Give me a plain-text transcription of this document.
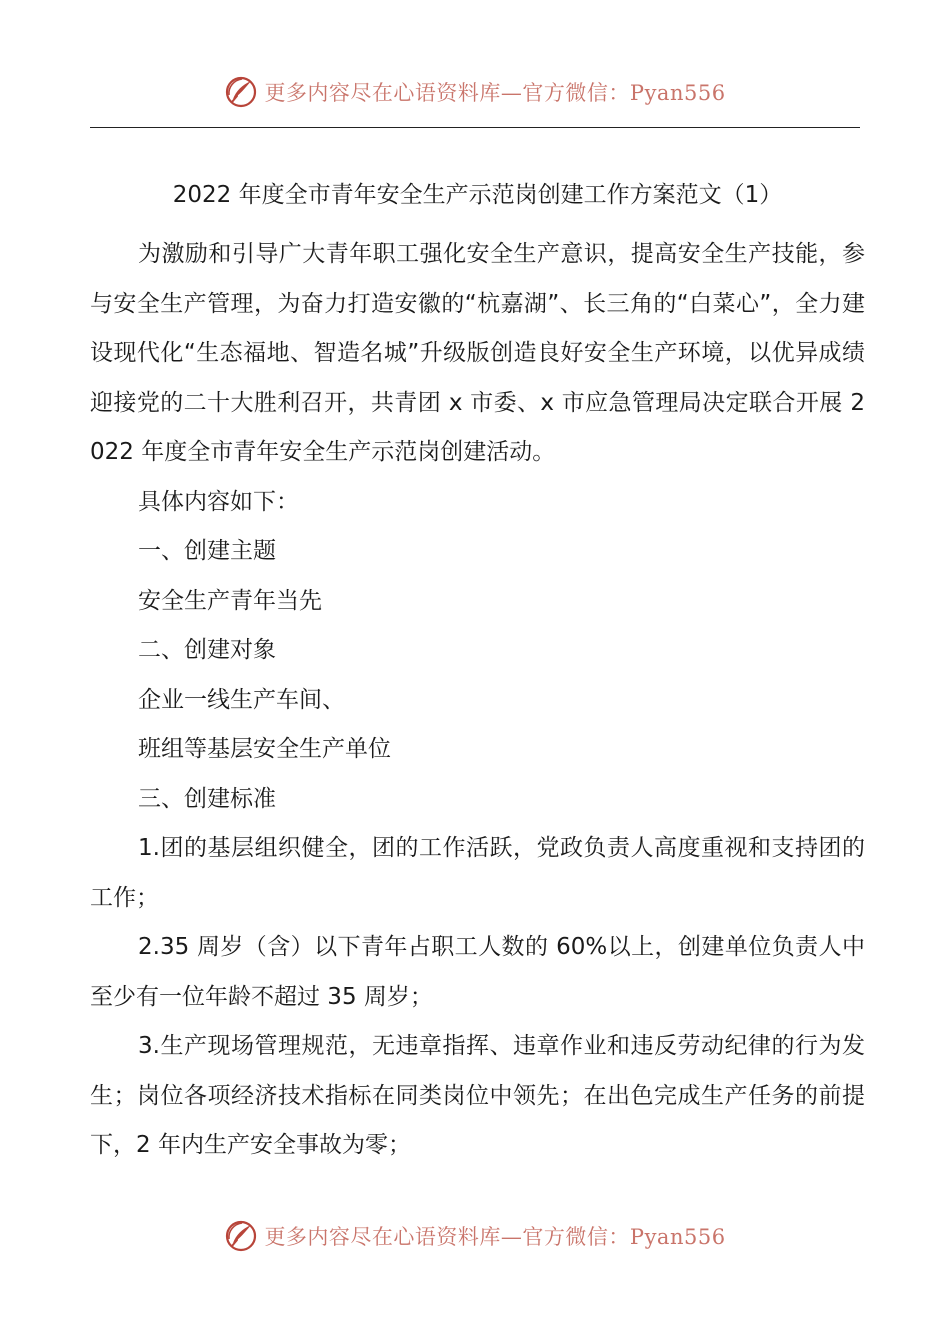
更多内容尽在心语资料库—官方微信：Pyan556
2022 年度全市青年安全生产示范岗创建工作方案范文（1）

为激励和引导广大青年职工强化安全生产意识，提高安全生产技能，参与安全生产管理，为奋力打造安徽的“杭嘉湖”、长三角的“白菜心”，全力建设现代化“生态福地、智造名城”升级版创造良好安全生产环境，以优异成绩迎接党的二十大胜利召开，共青团 x 市委、x 市应急管理局决定联合开展 2022 年度全市青年安全生产示范岗创建活动。

具体内容如下：

一、创建主题

安全生产青年当先

二、创建对象

企业一线生产车间、

班组等基层安全生产单位

三、创建标准

1.团的基层组织健全，团的工作活跃，党政负责人高度重视和支持团的工作；

2.35 周岁（含）以下青年占职工人数的 60%以上，创建单位负责人中至少有一位年龄不超过 35 周岁；

3.生产现场管理规范，无违章指挥、违章作业和违反劳动纪律的行为发生；岗位各项经济技术指标在同类岗位中领先；在出色完成生产任务的前提下，2 年内生产安全事故为零；

更多内容尽在心语资料库—官方微信：Pyan556
